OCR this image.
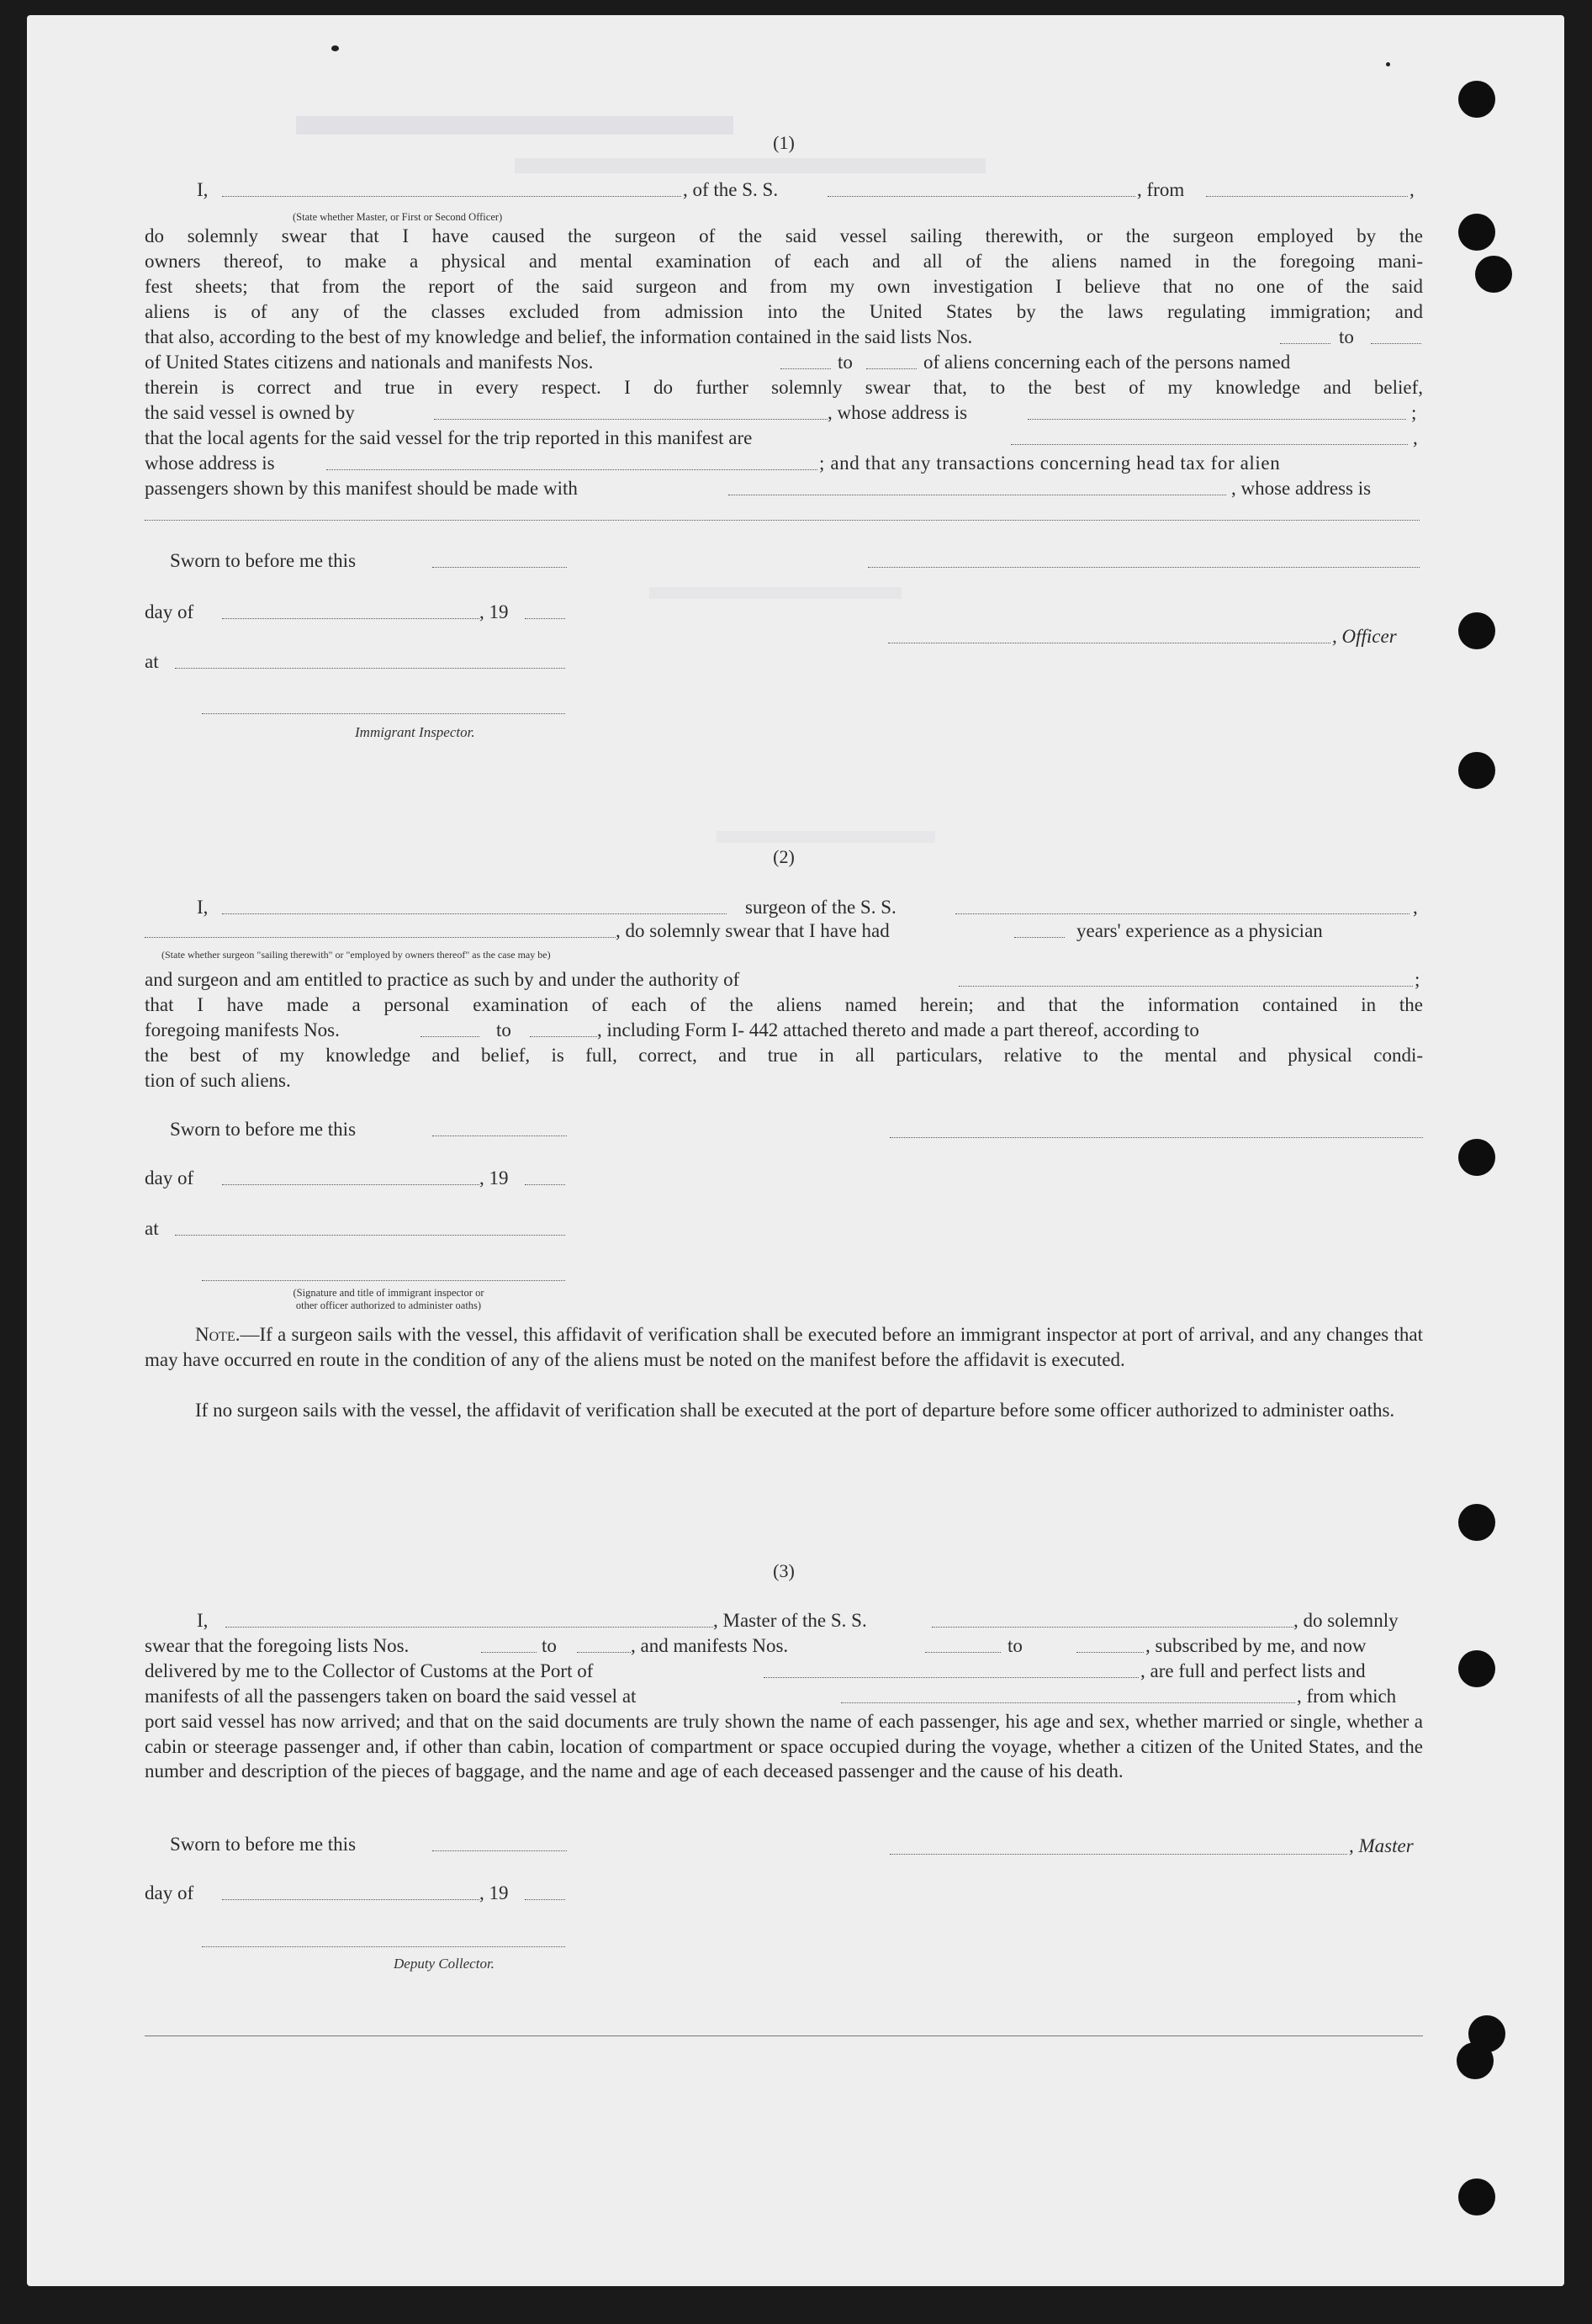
(1)
I,	, of the S. S.	, from	,
(State whether Master, or First or Second Officer)
do solemnly swear that I have caused the surgeon of the said vessel sailing therewith, or the surgeon employed by the
owners thereof, to make a physical and mental examination of each and all of the aliens named in the foregoing mani-
fest sheets; that from the report of the said surgeon and from my own investigation I believe that no one of the said
aliens is of any of the classes excluded from admission into the United States by the laws regulating immigration; and
that also, according to the best of my knowledge and belief, the information contained in the said lists Nos.	to
of United States citizens and nationals and manifests Nos.	to	of aliens concerning each of the persons named
therein is correct and true in every respect. I do further solemnly swear that, to the best of my knowledge and belief,
the said vessel is owned by	, whose address is	;
that the local agents for the said vessel for the trip reported in this manifest are	,
whose address is	; and that any transactions concerning head tax for alien
passengers shown by this manifest should be made with	, whose address is
Sworn to before me this
day of	, 19
, Officer
at
Immigrant Inspector.
(2)
I,	surgeon of the S. S.	,
, do solemnly swear that I have had	years' experience as a physician
(State whether surgeon "sailing therewith" or "employed by owners thereof" as the case may be)
and surgeon and am entitled to practice as such by and under the authority of	;
that I have made a personal examination of each of the aliens named herein; and that the information contained in the
foregoing manifests Nos.	to	, including Form I- 442 attached thereto and made a part thereof, according to
the best of my knowledge and belief, is full, correct, and true in all particulars, relative to the mental and physical condi-
tion of such aliens.
Sworn to before me this
day of	, 19
at
(Signature and title of immigrant inspector or
other officer authorized to administer oaths)
Note.—If a surgeon sails with the vessel, this affidavit of verification shall be executed before an immigrant inspector at port of arrival, and any changes that may have occurred en route in the condition of any of the aliens must be noted on the manifest before the affidavit is executed.
If no surgeon sails with the vessel, the affidavit of verification shall be executed at the port of departure before some officer authorized to administer oaths.
(3)
I,	, Master of the S. S.	, do solemnly
swear that the foregoing lists Nos.	to	, and manifests Nos.	to	, subscribed by me, and now
delivered by me to the Collector of Customs at the Port of	, are full and perfect lists and
manifests of all the passengers taken on board the said vessel at	, from which
port said vessel has now arrived; and that on the said documents are truly shown the name of each passenger, his age and sex, whether married or single, whether a cabin or steerage passenger and, if other than cabin, location of compartment or space occupied during the voyage, whether a citizen of the United States, and the number and description of the pieces of baggage, and the name and age of each deceased passenger and the cause of his death.
Sworn to before me this	, Master
day of	, 19
Deputy Collector.
